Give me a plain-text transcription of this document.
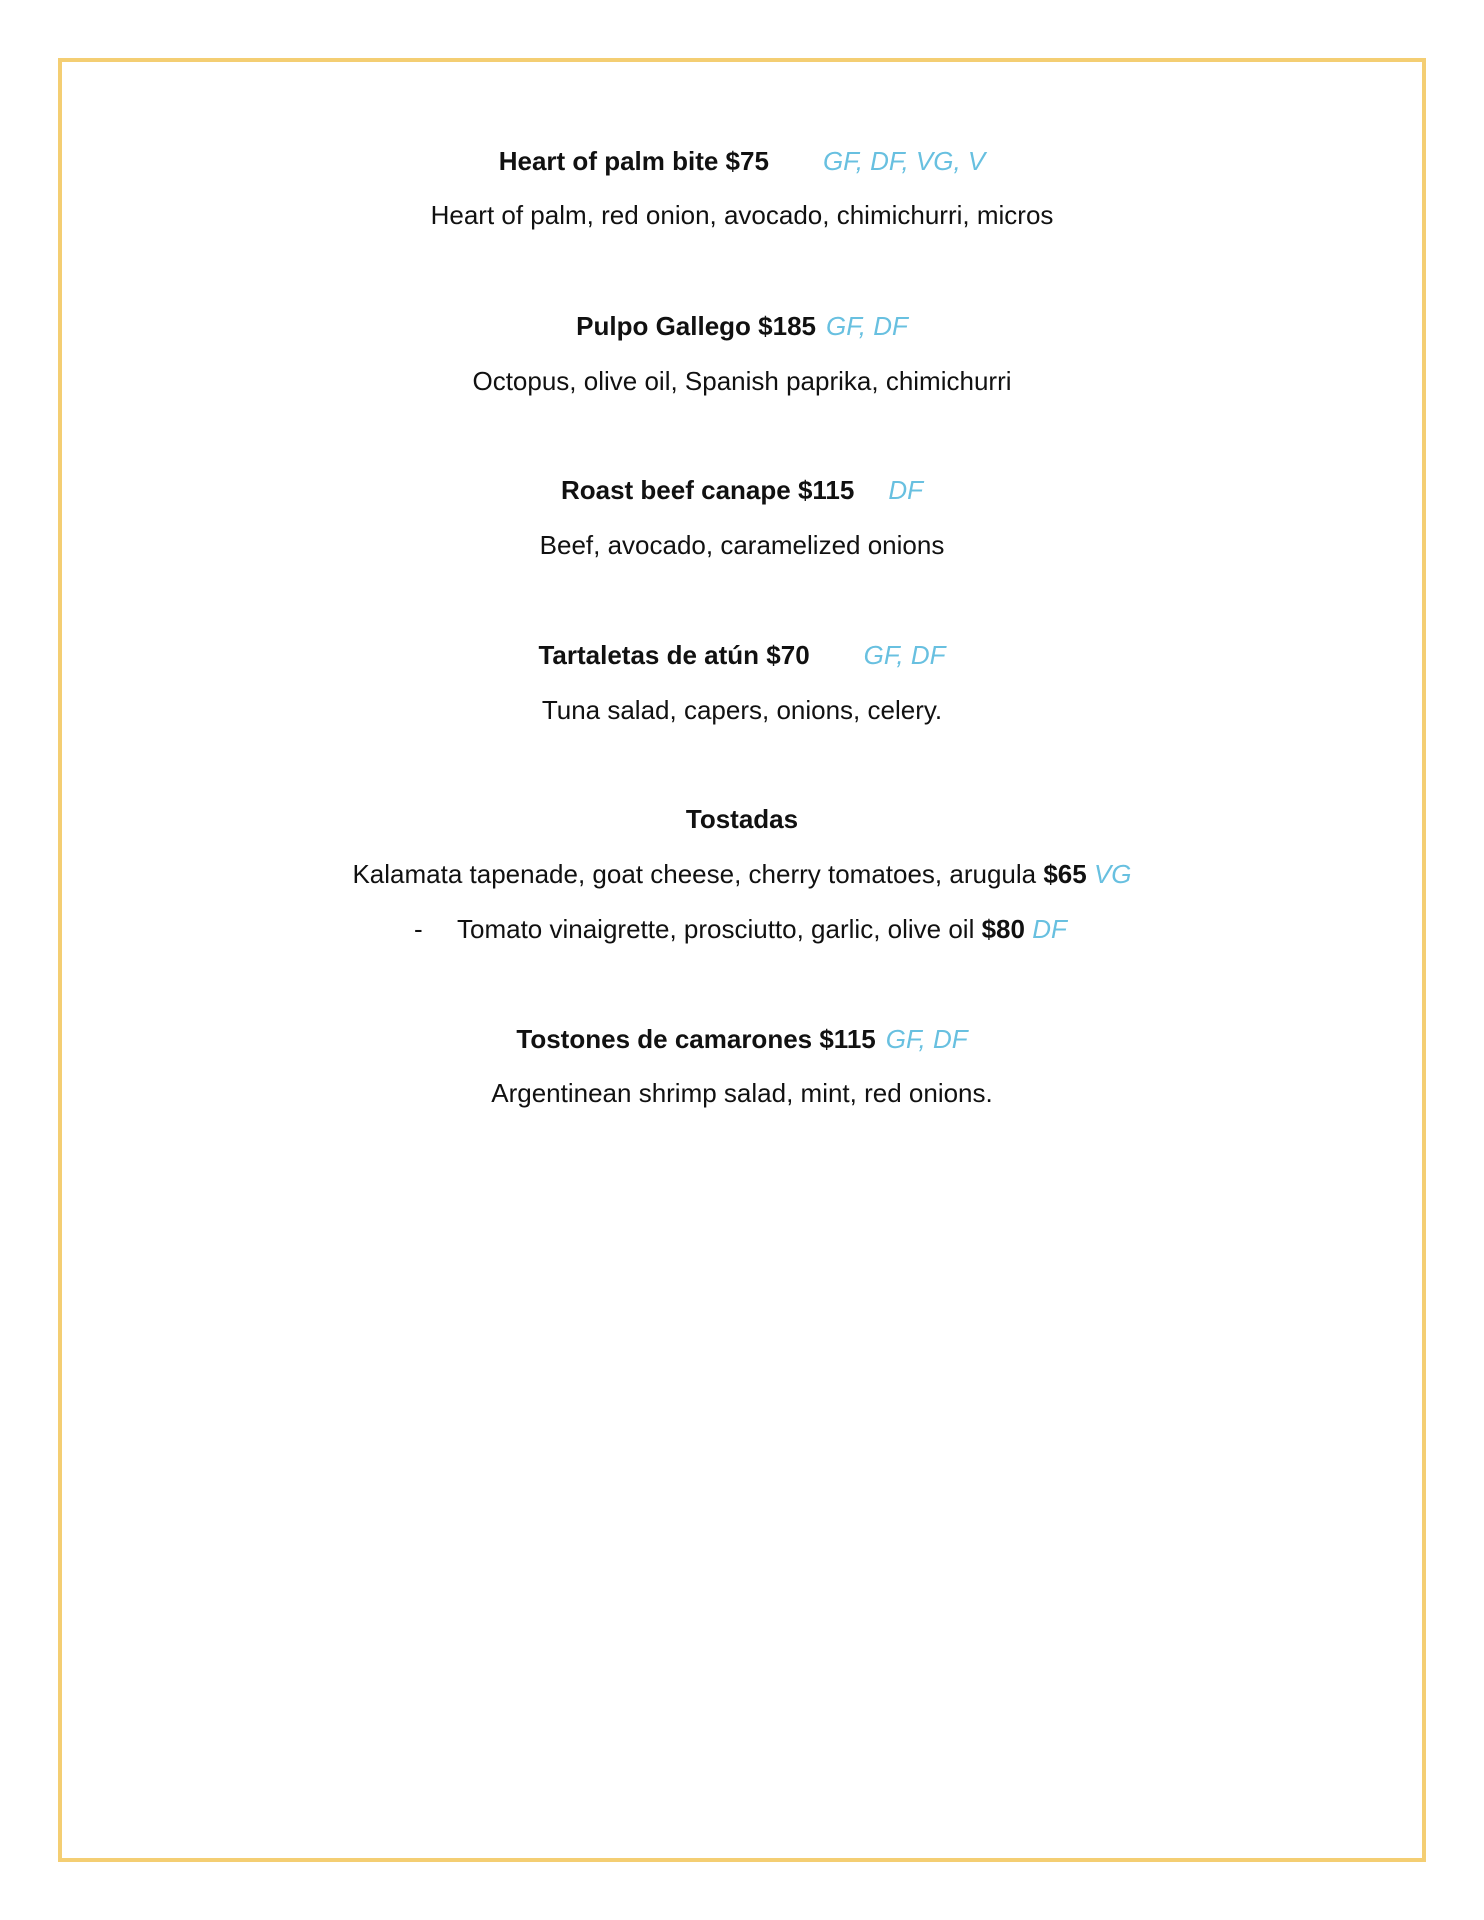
Heart of palm bite $75 GF, DF, VG, V
Heart of palm, red onion, avocado, chimichurri, micros
Pulpo Gallego $185 GF, DF
Octopus, olive oil, Spanish paprika, chimichurri
Roast beef canape $115 DF
Beef, avocado, caramelized onions
Tartaletas de atún $70 GF, DF
Tuna salad, capers, onions, celery.
Tostadas
Kalamata tapenade, goat cheese, cherry tomatoes, arugula $65 VG
- Tomato vinaigrette, prosciutto, garlic, olive oil $80 DF
Tostones de camarones $115 GF, DF
Argentinean shrimp salad, mint, red onions.
